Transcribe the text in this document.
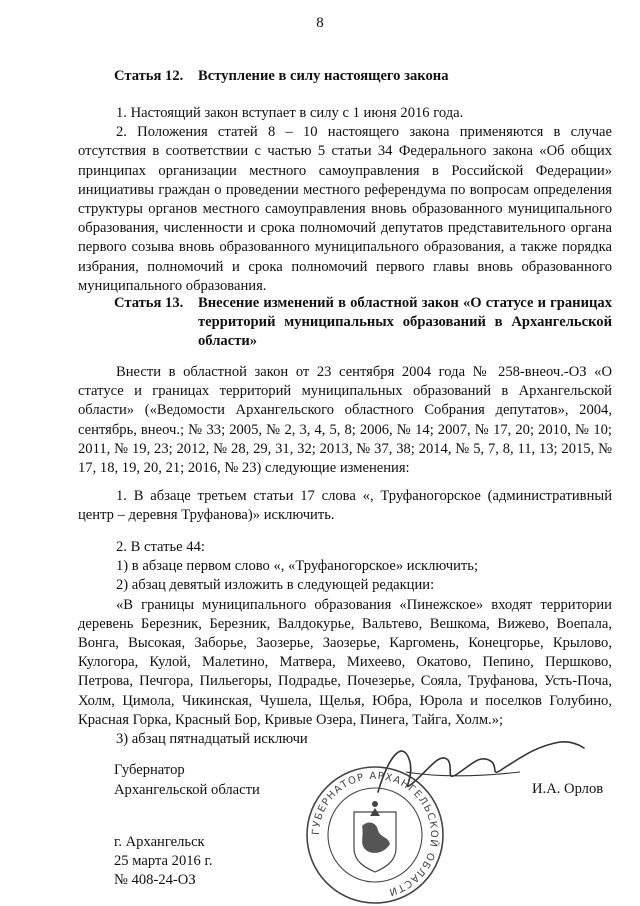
8
Статья 12. Вступление в силу настоящего закона

1. Настоящий закон вступает в силу с 1 июня 2016 года.

2. Положения статей 8 – 10 настоящего закона применяются в случае отсутствия в соответствии с частью 5 статьи 34 Федерального закона «Об общих принципах организации местного самоуправления в Российской Федерации» инициативы граждан о проведении местного референдума по вопросам определения структуры органов местного самоуправления вновь образованного муниципального образования, численности и срока полномочий депутатов представительного органа первого созыва вновь образованного муниципального образования, а также порядка избрания, полномочий и срока полномочий первого главы вновь образованного муниципального образования.

Статья 13. Внесение изменений в областной закон «О статусе и границах территорий муниципальных образований в Архангельской области»

Внести в областной закон от 23 сентября 2004 года № 258-внеоч.-ОЗ «О статусе и границах территорий муниципальных образований в Архангельской области» («Ведомости Архангельского областного Собрания депутатов», 2004, сентябрь, внеоч.; № 33; 2005, № 2, 3, 4, 5, 8; 2006, № 14; 2007, № 17, 20; 2010, № 10; 2011, № 19, 23; 2012, № 28, 29, 31, 32; 2013, № 37, 38; 2014, № 5, 7, 8, 11, 13; 2015, № 17, 18, 19, 20, 21; 2016, № 23) следующие изменения:

1. В абзаце третьем статьи 17 слова «, Труфаногорское (административный центр – деревня Труфанова)» исключить.

2. В статье 44:

1) в абзаце первом слово «, «Труфаногорское» исключить;

2) абзац девятый изложить в следующей редакции:

«В границы муниципального образования «Пинежское» входят территории деревень Березник, Березник, Валдокурье, Вальтево, Вешкома, Вижево, Воепала, Вонга, Высокая, Заборье, Заозерье, Заозерье, Каргомень, Конецгорье, Крылово, Кулогора, Кулой, Малетино, Матвера, Михеево, Окатово, Пепино, Першково, Петрова, Печгора, Пильегоры, Подрадье, Почезерье, Сояла, Труфанова, Усть-Поча, Холм, Цимола, Чикинская, Чушела, Щелья, Юбра, Юрола и поселков Голубино, Красная Горка, Красный Бор, Кривые Озера, Пинега, Тайга, Холм.»;

3) абзац пятнадцатый исключи

Губернатор
Архангельской области	И.А. Орлов
ГУБЕРНАТОР АРХАНГЕЛЬСКОЙ ОБЛАСТИ
г. Архангельск
25 марта 2016 г.
№ 408-24-ОЗ
